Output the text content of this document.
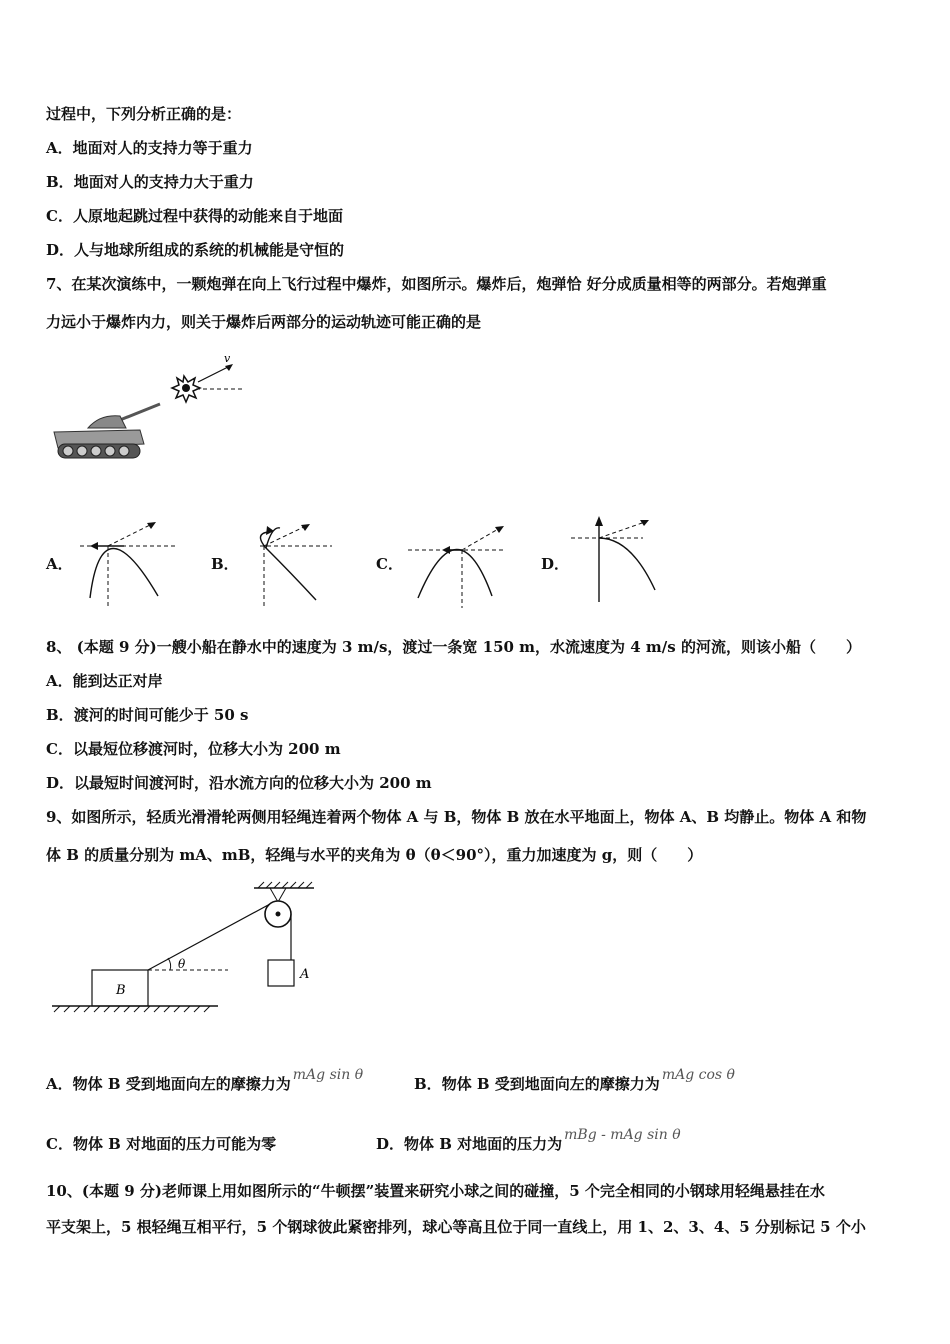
过程中，下列分析正确的是：
A．地面对人的支持力等于重力
B．地面对人的支持力大于重力
C．人原地起跳过程中获得的动能来自于地面
D．人与地球所组成的系统的机械能是守恒的
7、在某次演练中，一颗炮弹在向上飞行过程中爆炸，如图所示。爆炸后，炮弹恰 好分成质量相等的两部分。若炮弹重
力远小于爆炸内力，则关于爆炸后两部分的运动轨迹可能正确的是
v
A．	B．	C．	D．
8、 (本题 9 分)一艘小船在静水中的速度为 3 m/s，渡过一条宽 150 m，水流速度为 4 m/s 的河流，则该小船（　　）
A．能到达正对岸
B．渡河的时间可能少于 50 s
C．以最短位移渡河时，位移大小为 200 m
D．以最短时间渡河时，沿水流方向的位移大小为 200 m
9、如图所示，轻质光滑滑轮两侧用轻绳连着两个物体 A 与 B，物体 B 放在水平地面上，物体 A、B 均静止。物体 A 和物
体 B 的质量分别为 mA、mB，轻绳与水平的夹角为 θ（θ＜90°），重力加速度为 g，则（　　）
A
B
θ
A．物体 B 受到地面向左的摩擦力为 mAg sin θ	B．物体 B 受到地面向左的摩擦力为 mAg cos θ
C．物体 B 对地面的压力可能为零	D．物体 B 对地面的压力为 mBg - mAg sin θ
10、(本题 9 分)老师课上用如图所示的“牛顿摆”装置来研究小球之间的碰撞，5 个完全相同的小钢球用轻绳悬挂在水
平支架上，5 根轻绳互相平行，5 个钢球彼此紧密排列，球心等高且位于同一直线上，用 1、2、3、4、5 分别标记 5 个小
